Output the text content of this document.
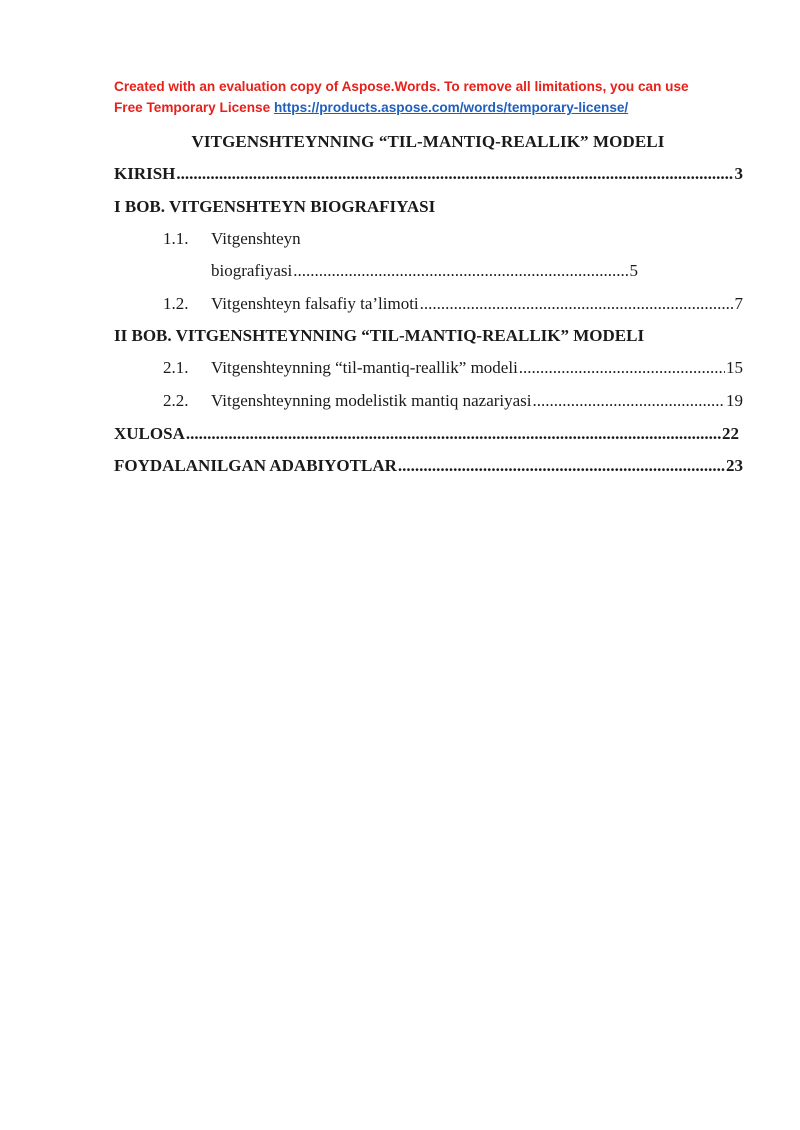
Created with an evaluation copy of Aspose.Words. To remove all limitations, you can use
Free Temporary License https://products.aspose.com/words/temporary-license/
VITGENSHTEYNNING “TIL-MANTIQ-REALLIK” MODELI
KIRISH .....	3
I BOB. VITGENSHTEYN BIOGRAFIYASI
1.1. Vitgenshteyn
biografiyasi .....	5
1.2. Vitgenshteyn falsafiy ta’limoti .....	7
II BOB. VITGENSHTEYNNING “TIL-MANTIQ-REALLIK” MODELI
2.1. Vitgenshteynning “til-mantiq-reallik” modeli .....	15
2.2. Vitgenshteynning modelistik mantiq nazariyasi .....	19
XULOSA .....	22
FOYDALANILGAN ADABIYOTLAR .....	23
